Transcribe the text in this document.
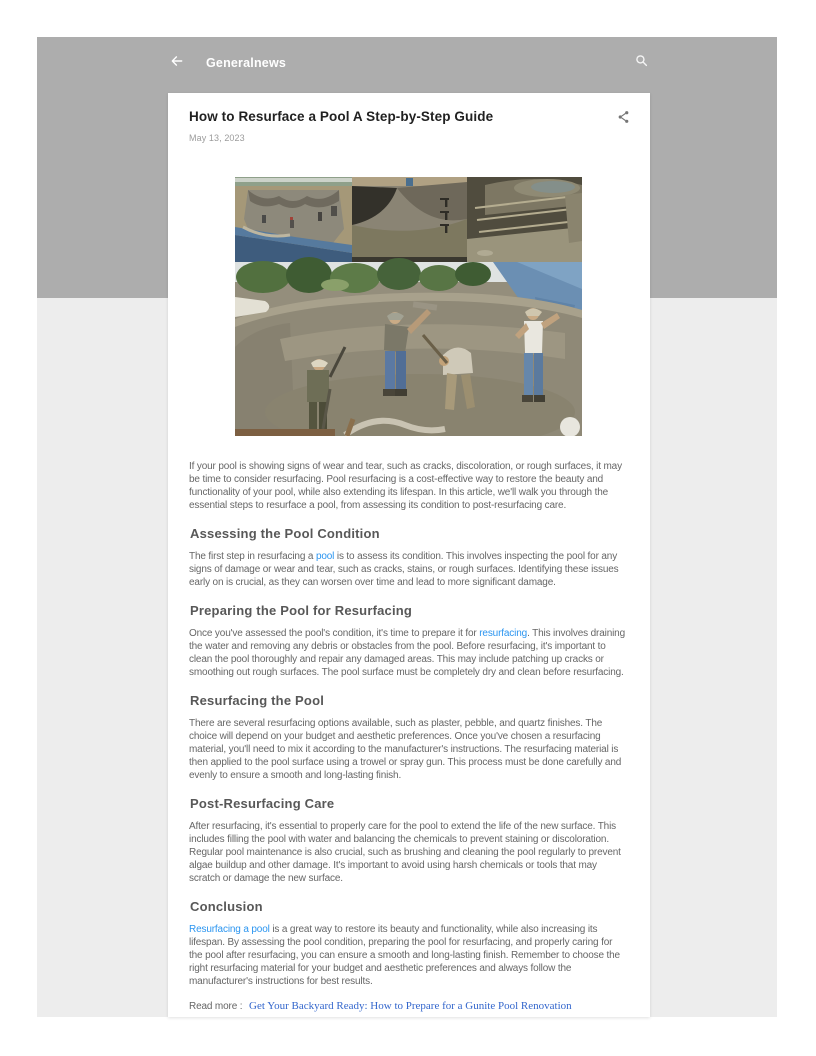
Generalnews
How to Resurface a Pool A Step-by-Step Guide
May 13, 2023

If your pool is showing signs of wear and tear, such as cracks, discoloration, or rough surfaces, it may be time to consider resurfacing. Pool resurfacing is a cost-effective way to restore the beauty and functionality of your pool, while also extending its lifespan. In this article, we'll walk you through the essential steps to resurface a pool, from assessing its condition to post-resurfacing care.

Assessing the Pool Condition

The first step in resurfacing a pool is to assess its condition. This involves inspecting the pool for any signs of damage or wear and tear, such as cracks, stains, or rough surfaces. Identifying these issues early on is crucial, as they can worsen over time and lead to more significant damage.

Preparing the Pool for Resurfacing

Once you've assessed the pool's condition, it's time to prepare it for resurfacing. This involves draining the water and removing any debris or obstacles from the pool. Before resurfacing, it's important to clean the pool thoroughly and repair any damaged areas. This may include patching up cracks or smoothing out rough surfaces. The pool surface must be completely dry and clean before resurfacing.

Resurfacing the Pool

There are several resurfacing options available, such as plaster, pebble, and quartz finishes. The choice will depend on your budget and aesthetic preferences. Once you've chosen a resurfacing material, you'll need to mix it according to the manufacturer's instructions. The resurfacing material is then applied to the pool surface using a trowel or spray gun. This process must be done carefully and evenly to ensure a smooth and long-lasting finish.

Post-Resurfacing Care

After resurfacing, it's essential to properly care for the pool to extend the life of the new surface. This includes filling the pool with water and balancing the chemicals to prevent staining or discoloration. Regular pool maintenance is also crucial, such as brushing and cleaning the pool regularly to prevent algae buildup and other damage. It's important to avoid using harsh chemicals or tools that may scratch or damage the new surface.

Conclusion

Resurfacing a pool is a great way to restore its beauty and functionality, while also increasing its lifespan. By assessing the pool condition, preparing the pool for resurfacing, and properly caring for the pool after resurfacing, you can ensure a smooth and long-lasting finish. Remember to choose the right resurfacing material for your budget and aesthetic preferences and always follow the manufacturer's instructions for best results.

Read more : Get Your Backyard Ready: How to Prepare for a Gunite Pool Renovation
